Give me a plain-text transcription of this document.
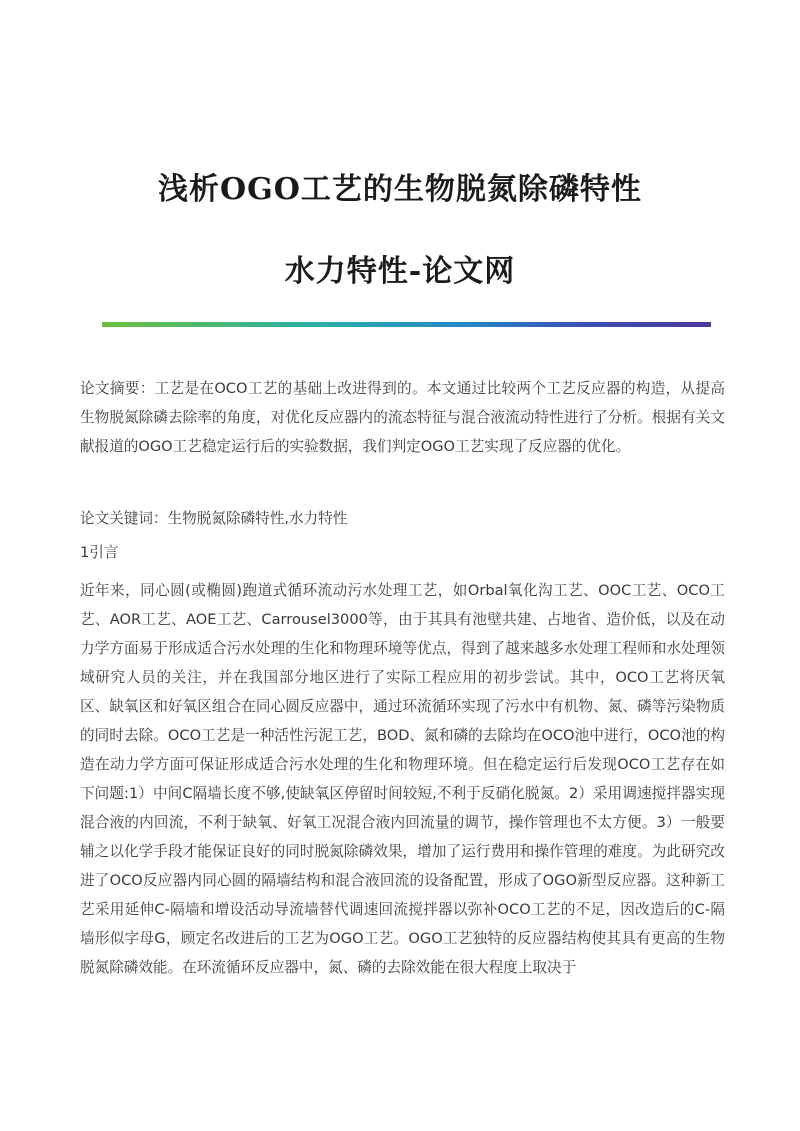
浅析OGO工艺的生物脱氮除磷特性
水力特性-论文网
论文摘要：工艺是在OCO工艺的基础上改进得到的。本文通过比较两个工艺反应器的构造，从提高生物脱氮除磷去除率的角度，对优化反应器内的流态特征与混合液流动特性进行了分析。根据有关文献报道的OGO工艺稳定运行后的实验数据，我们判定OGO工艺实现了反应器的优化。
论文关键词：生物脱氮除磷特性,水力特性
1引言
近年来，同心圆(或椭圆)跑道式循环流动污水处理工艺，如Orbal氧化沟工艺、OOC工艺、OCO工艺、AOR工艺、AOE工艺、Carrousel3000等，由于其具有池壁共建、占地省、造价低，以及在动力学方面易于形成适合污水处理的生化和物理环境等优点，得到了越来越多水处理工程师和水处理领域研究人员的关注，并在我国部分地区进行了实际工程应用的初步尝试。其中，OCO工艺将厌氧区、缺氧区和好氧区组合在同心圆反应器中，通过环流循环实现了污水中有机物、氮、磷等污染物质的同时去除。OCO工艺是一种活性污泥工艺，BOD、氮和磷的去除均在OCO池中进行，OCO池的构造在动力学方面可保证形成适合污水处理的生化和物理环境。但在稳定运行后发现OCO工艺存在如下问题:1）中间C隔墙长度不够,使缺氧区停留时间较短,不利于反硝化脱氮。2）采用调速搅拌器实现混合液的内回流，不利于缺氧、好氧工况混合液内回流量的调节，操作管理也不太方便。3）一般要辅之以化学手段才能保证良好的同时脱氮除磷效果，增加了运行费用和操作管理的难度。为此研究改进了OCO反应器内同心圆的隔墙结构和混合液回流的设备配置，形成了OGO新型反应器。这种新工艺采用延伸C-隔墙和增设活动导流墙替代调速回流搅拌器以弥补OCO工艺的不足，因改造后的C-隔墙形似字母G，顾定名改进后的工艺为OGO工艺。OGO工艺独特的反应器结构使其具有更高的生物脱氮除磷效能。在环流循环反应器中，氮、磷的去除效能在很大程度上取决于
